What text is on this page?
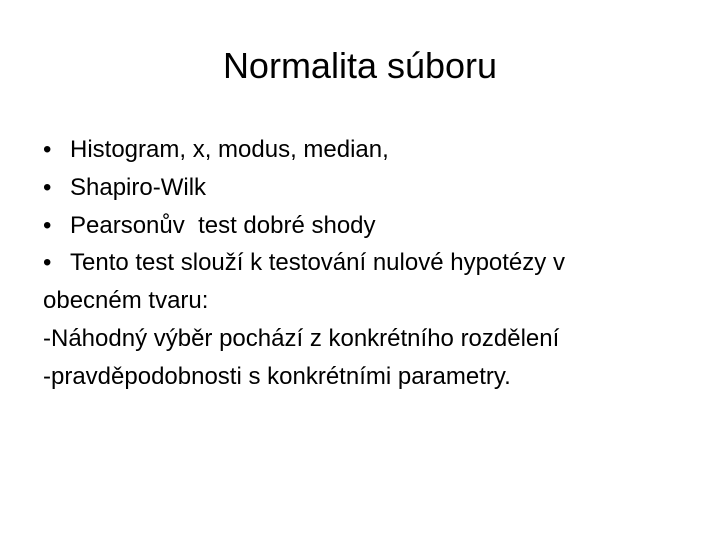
Normalita súboru
• Histogram, x, modus, median,
• Shapiro-Wilk
• Pearsonův  test dobré shody
• Tento test slouží k testování nulové hypotézy v
obecném tvaru:
-Náhodný výběr pochází z konkrétního rozdělení
-pravděpodobnosti s konkrétními parametry.
